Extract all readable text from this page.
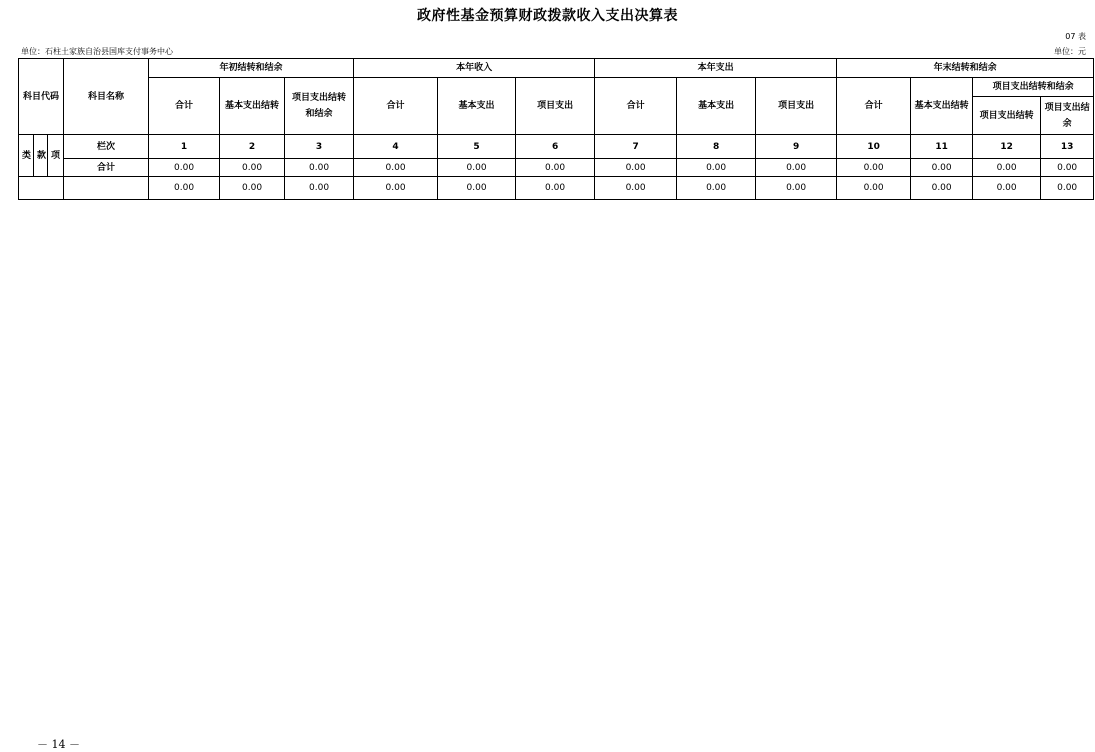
政府性基金预算财政拨款收入支出决算表
07 表
单位：石柱土家族自治县国库支付事务中心	单位：元
科目代码			科目名称	年初结转和结余			本年收入			本年支出			年末结转和结余			
				合计	基本支出结转	项目支出结转和结余	合计	基本支出	项目支出	合计	基本支出	项目支出	合计	基本支出结转	项目支出结转和结余	
															项目支出结转	项目支出结余
类	款	项	栏次	1	2	3	4	5	6	7	8	9	10	11	12	13
			合计	0.00	0.00	0.00	0.00	0.00	0.00	0.00	0.00	0.00	0.00	0.00	0.00	0.00
				0.00	0.00	0.00	0.00	0.00	0.00	0.00	0.00	0.00	0.00	0.00	0.00	0.00
－ 14 －
